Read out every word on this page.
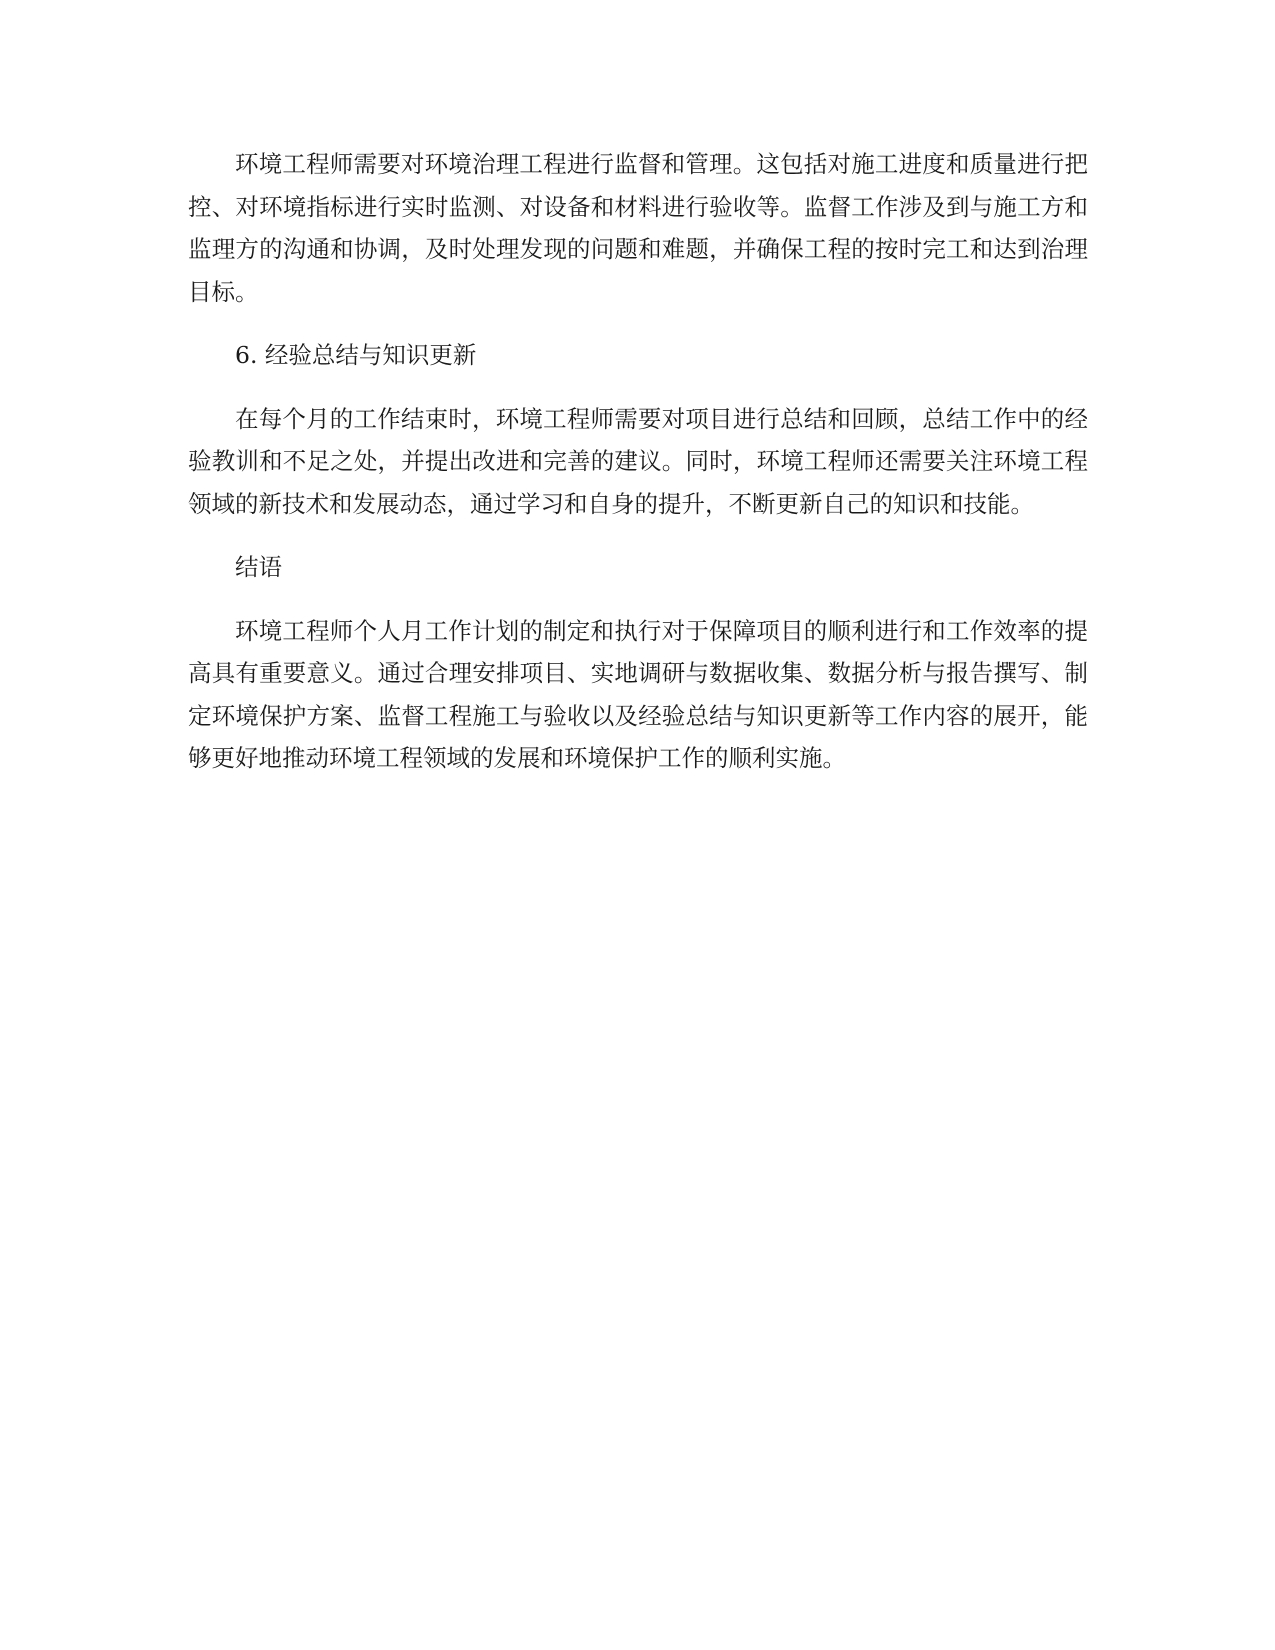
环境工程师需要对环境治理工程进行监督和管理。这包括对施工进度和质量进行把控、对环境指标进行实时监测、对设备和材料进行验收等。监督工作涉及到与施工方和监理方的沟通和协调，及时处理发现的问题和难题，并确保工程的按时完工和达到治理目标。

6. 经验总结与知识更新

在每个月的工作结束时，环境工程师需要对项目进行总结和回顾，总结工作中的经验教训和不足之处，并提出改进和完善的建议。同时，环境工程师还需要关注环境工程领域的新技术和发展动态，通过学习和自身的提升，不断更新自己的知识和技能。

结语

环境工程师个人月工作计划的制定和执行对于保障项目的顺利进行和工作效率的提高具有重要意义。通过合理安排项目、实地调研与数据收集、数据分析与报告撰写、制定环境保护方案、监督工程施工与验收以及经验总结与知识更新等工作内容的展开，能够更好地推动环境工程领域的发展和环境保护工作的顺利实施。
